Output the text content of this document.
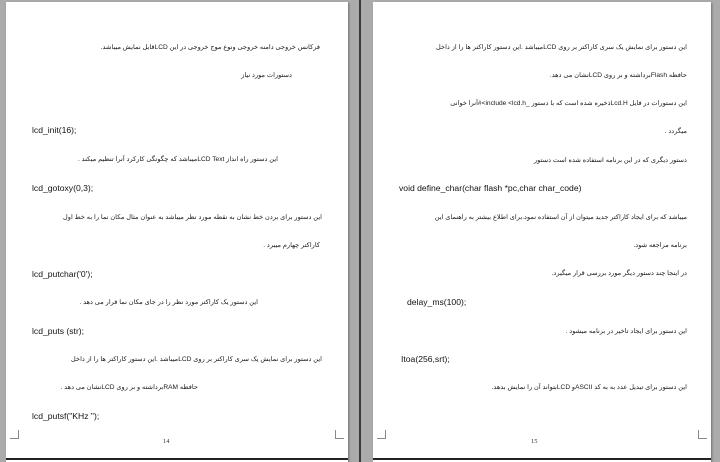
فرکانس خروجی دامنه خروجی ونوع موج خروجی در این LCDقابل نمایش میباشد.
دستورات مورد نیاز
lcd_init(16);
این دستور راه انداز LCD Textمیباشد که چگونگی کارکرد آنرا تنظیم میکند .
lcd_gotoxy(0,3);
این دستور برای بردن خط نشان به نقطه مورد نظر میباشد به عنوان مثال مکان نما را به خط اول
کاراکتر چهارم میبرد .
lcd_putchar('0');
این دستور یک کاراکتر مورد نظر را در جای مکان نما قرار می دهد .
lcd_puts (str);
این دستور برای نمایش یک سری کاراکتر بر روی LCDمیباشد .این دستور کاراکتر ها را از داخل
حافظه RAMبرداشته و بر روی LCDنشان می دهد .
lcd_putsf("KHz ");
14
این دستور برای نمایش یک سری کاراکتر بر روی LCDمیباشد .این دستور کاراکتر ها را از داخل
حافظه Flashبرداشته و بر روی LCDنشان می دهد.
این دستورات در فایل Lcd.Hذخیره شده است که با دستور _include <lcd.h>#آنرا خوانی
میگردد .
دستور دیگری که در این برنامه استفاده شده است دستور
void define_char(char flash *pc,char char_code)
میباشد که برای ایجاد کاراکتر جدید میتوان از آن استفاده نمود.برای اطلاع بیشتر به راهنمای این
برنامه مراجعه شود.
در اینجا چند دستور دیگر مورد بررسی قرار میگیرد.
delay_ms(100);
این دستور برای ایجاد تاخیر در برنامه میشود .
Itoa(256,srt);
این دستور برای تبدیل عدد به به کد ASCIIو LCDبتواند آن را نمایش بدهد.
15
